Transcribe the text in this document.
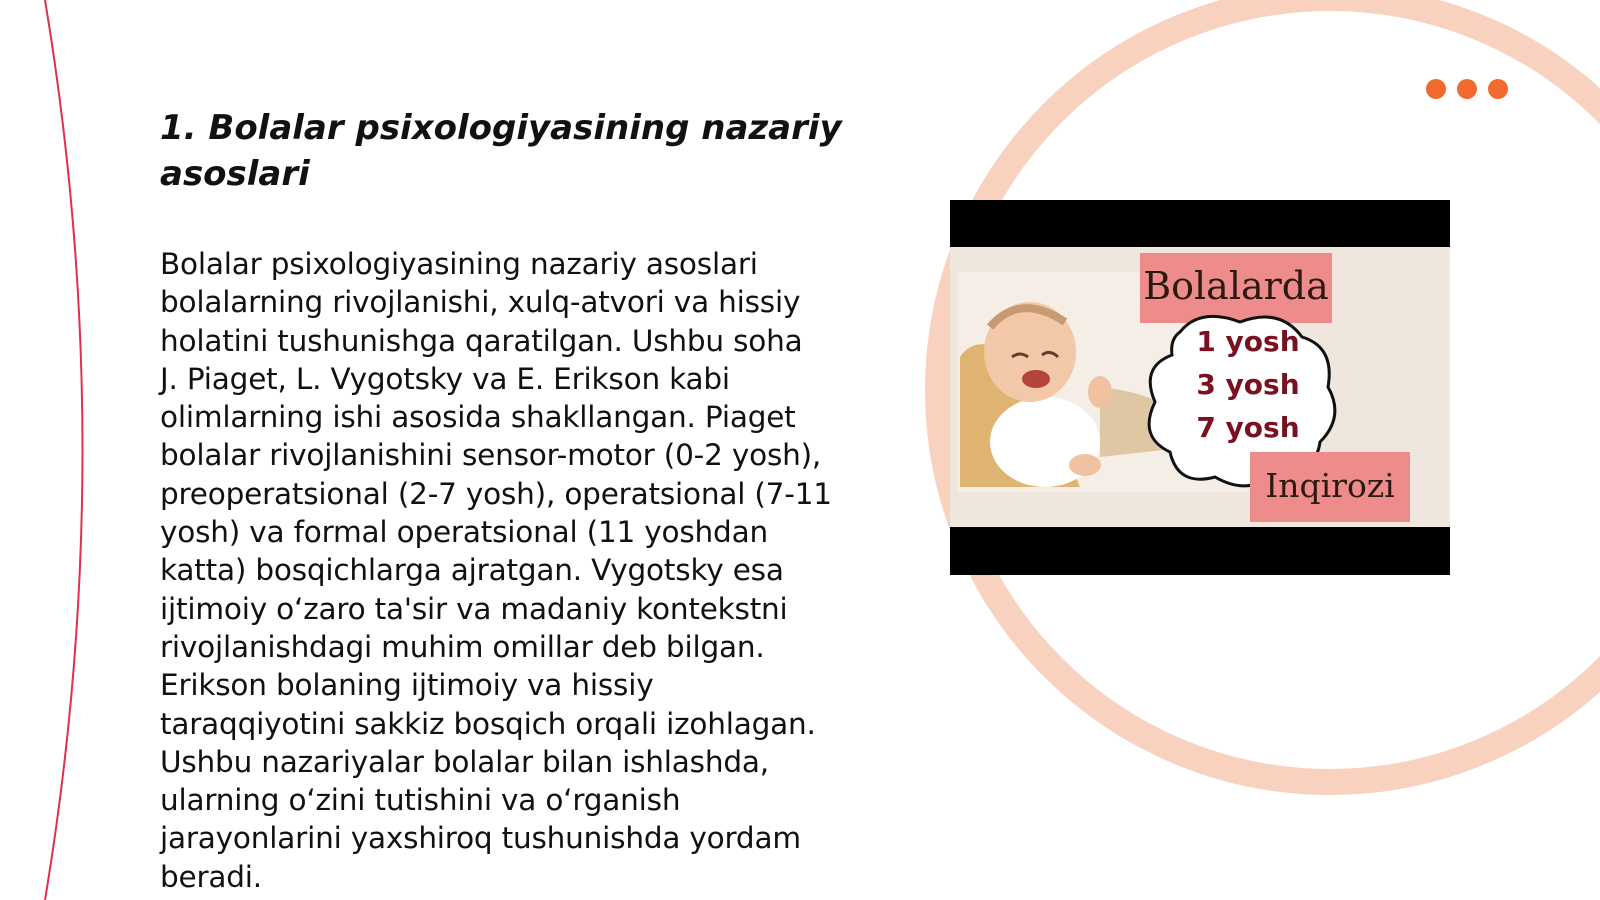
1. Bolalar psixologiyasining nazariy asoslari

Bolalar psixologiyasining nazariy asoslari
bolalarning rivojlanishi, xulq-atvori va hissiy
holatini tushunishga qaratilgan. Ushbu soha
J. Piaget, L. Vygotsky va E. Erikson kabi
olimlarning ishi asosida shakllangan. Piaget
bolalar rivojlanishini sensor-motor (0-2 yosh),
preoperatsional (2-7 yosh), operatsional (7-11
yosh) va formal operatsional (11 yoshdan
katta) bosqichlarga ajratgan. Vygotsky esa
ijtimoiy o‘zaro ta'sir va madaniy kontekstni
rivojlanishdagi muhim omillar deb bilgan.
Erikson bolaning ijtimoiy va hissiy
taraqqiyotini sakkiz bosqich orqali izohlagan.
Ushbu nazariyalar bolalar bilan ishlashda,
ularning o‘zini tutishini va o‘rganish
jarayonlarini yaxshiroq tushunishda yordam
beradi.

Bolalarda
1 yosh
3 yosh
7 yosh
Inqirozi
